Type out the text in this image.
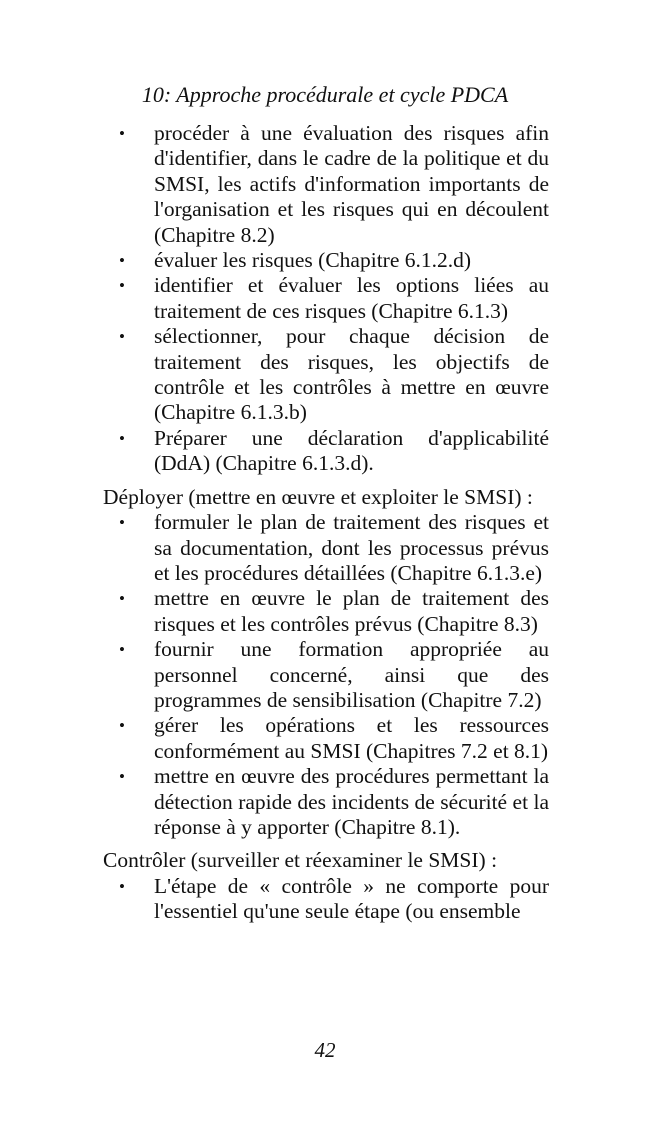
10: Approche procédurale et cycle PDCA
• procéder à une évaluation des risques afin d'identifier, dans le cadre de la politique et du SMSI, les actifs d'information importants de l'organisation et les risques qui en découlent (Chapitre 8.2)
• évaluer les risques (Chapitre 6.1.2.d)
• identifier et évaluer les options liées au traitement de ces risques (Chapitre 6.1.3)
• sélectionner, pour chaque décision de traitement des risques, les objectifs de contrôle et les contrôles à mettre en œuvre (Chapitre 6.1.3.b)
• Préparer une déclaration d'applicabilité (DdA) (Chapitre 6.1.3.d).

Déployer (mettre en œuvre et exploiter le SMSI) :

• formuler le plan de traitement des risques et sa documentation, dont les processus prévus et les procédures détaillées (Chapitre 6.1.3.e)
• mettre en œuvre le plan de traitement des risques et les contrôles prévus (Chapitre 8.3)
• fournir une formation appropriée au personnel concerné, ainsi que des programmes de sensibilisation (Chapitre 7.2)
• gérer les opérations et les ressources conformément au SMSI (Chapitres 7.2 et 8.1)
• mettre en œuvre des procédures permettant la détection rapide des incidents de sécurité et la réponse à y apporter (Chapitre 8.1).

Contrôler (surveiller et réexaminer le SMSI) :

• L'étape de « contrôle » ne comporte pour l'essentiel qu'une seule étape (ou ensemble
42
